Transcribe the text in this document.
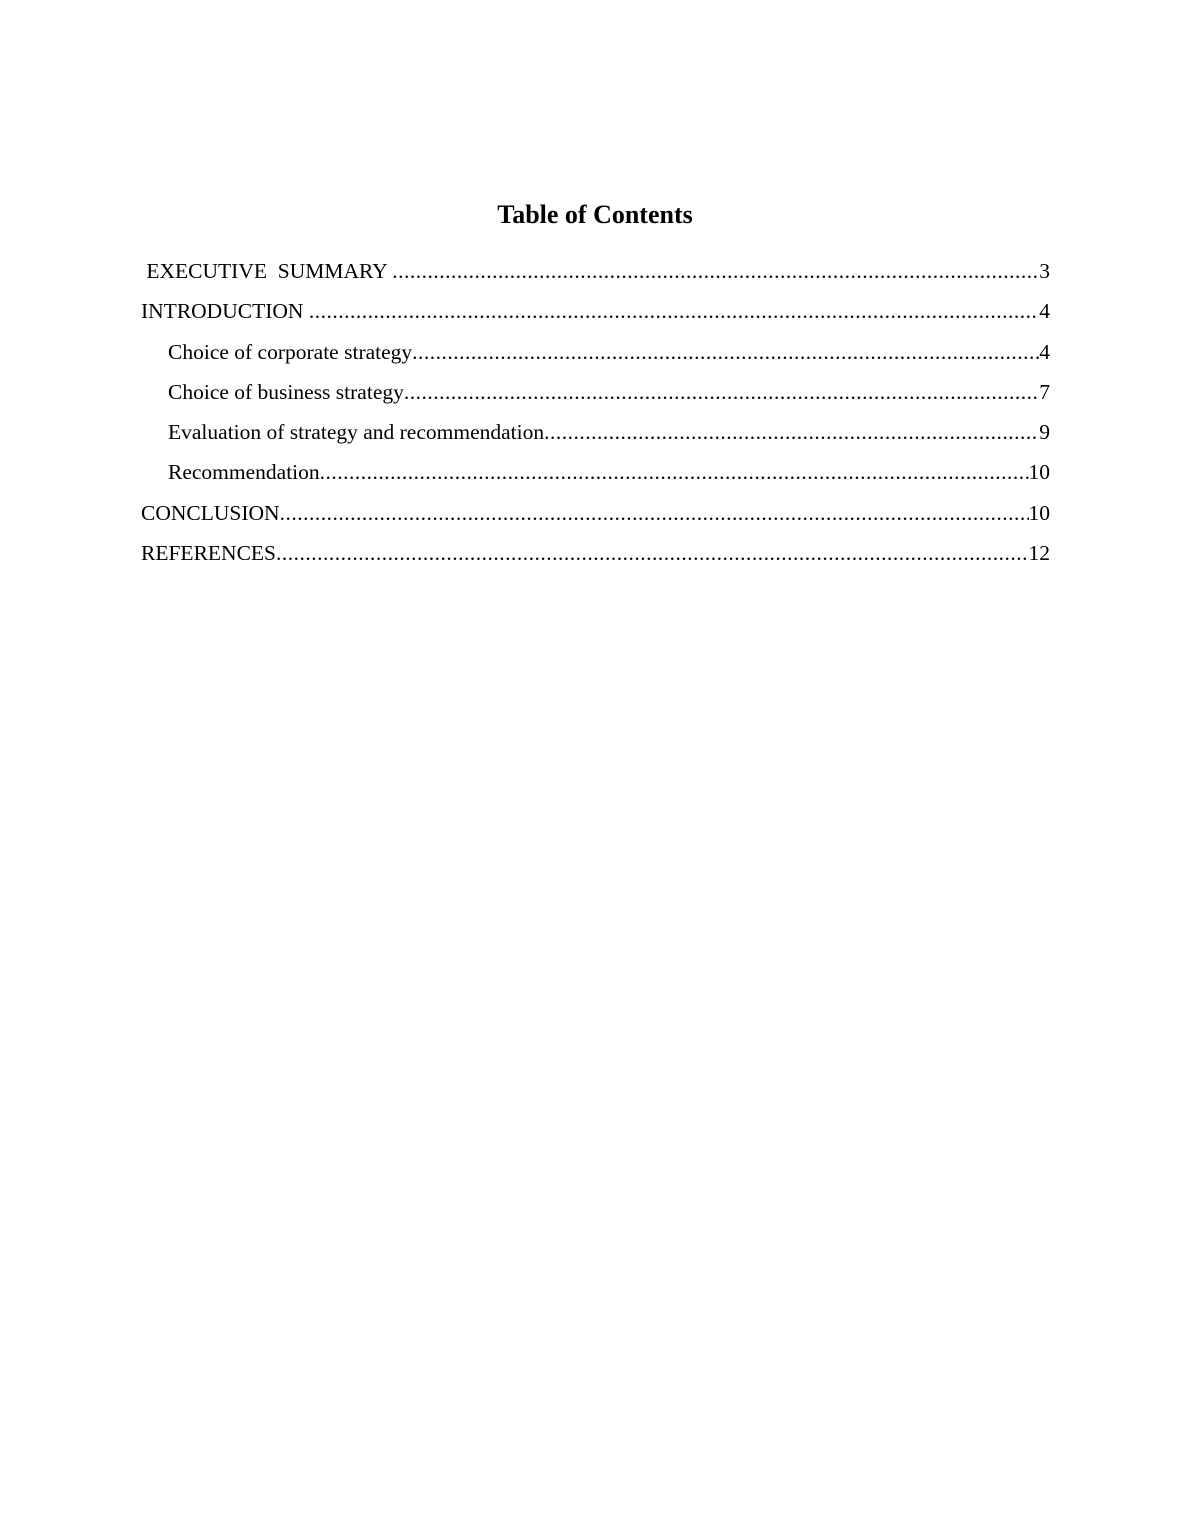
Table of Contents
EXECUTIVE  SUMMARY .....	3
INTRODUCTION .....	4
Choice of corporate strategy .....	4
Choice of business strategy .....	7
Evaluation of strategy and recommendation .....	9
Recommendation .....	10
CONCLUSION .....	10
REFERENCES .....	12
